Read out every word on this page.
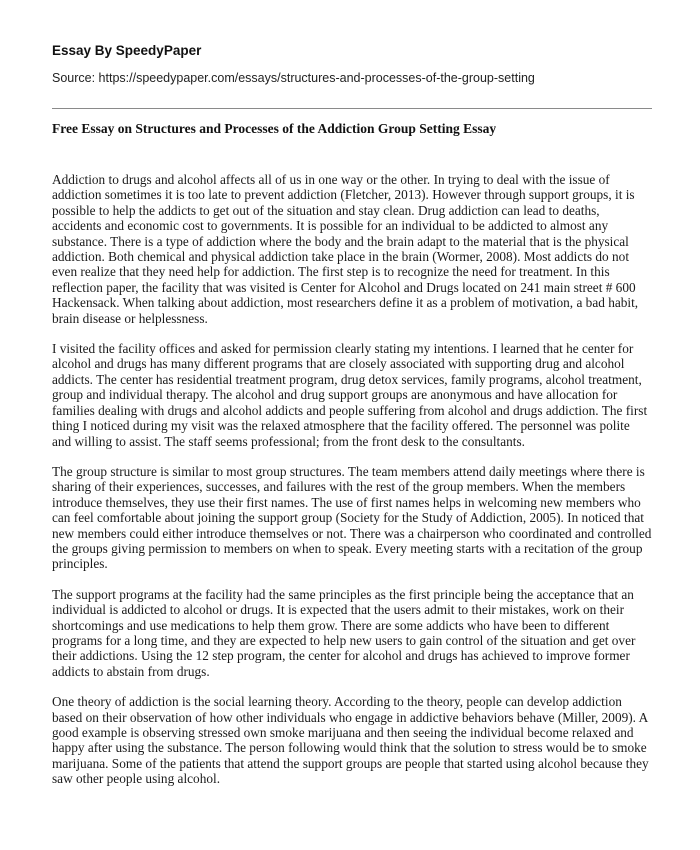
Essay By SpeedyPaper
Source: https://speedypaper.com/essays/structures-and-processes-of-the-group-setting
Free Essay on Structures and Processes of the Addiction Group Setting Essay

Addiction to drugs and alcohol affects all of us in one way or the other. In trying to deal with the issue of addiction sometimes it is too late to prevent addiction (Fletcher, 2013). However through support groups, it is possible to help the addicts to get out of the situation and stay clean. Drug addiction can lead to deaths, accidents and economic cost to governments. It is possible for an individual to be addicted to almost any substance. There is a type of addiction where the body and the brain adapt to the material that is the physical addiction. Both chemical and physical addiction take place in the brain (Wormer, 2008). Most addicts do not even realize that they need help for addiction. The first step is to recognize the need for treatment. In this reflection paper, the facility that was visited is Center for Alcohol and Drugs located on 241 main street # 600 Hackensack. When talking about addiction, most researchers define it as a problem of motivation, a bad habit, brain disease or helplessness.

I visited the facility offices and asked for permission clearly stating my intentions. I learned that he center for alcohol and drugs has many different programs that are closely associated with supporting drug and alcohol addicts. The center has residential treatment program, drug detox services, family programs, alcohol treatment, group and individual therapy. The alcohol and drug support groups are anonymous and have allocation for families dealing with drugs and alcohol addicts and people suffering from alcohol and drugs addiction. The first thing I noticed during my visit was the relaxed atmosphere that the facility offered. The personnel was polite and willing to assist. The staff seems professional; from the front desk to the consultants.

The group structure is similar to most group structures. The team members attend daily meetings where there is sharing of their experiences, successes, and failures with the rest of the group members. When the members introduce themselves, they use their first names. The use of first names helps in welcoming new members who can feel comfortable about joining the support group (Society for the Study of Addiction, 2005). In noticed that new members could either introduce themselves or not. There was a chairperson who coordinated and controlled the groups giving permission to members on when to speak. Every meeting starts with a recitation of the group principles.

The support programs at the facility had the same principles as the first principle being the acceptance that an individual is addicted to alcohol or drugs. It is expected that the users admit to their mistakes, work on their shortcomings and use medications to help them grow. There are some addicts who have been to different programs for a long time, and they are expected to help new users to gain control of the situation and get over their addictions. Using the 12 step program, the center for alcohol and drugs has achieved to improve former addicts to abstain from drugs.

One theory of addiction is the social learning theory. According to the theory, people can develop addiction based on their observation of how other individuals who engage in addictive behaviors behave (Miller, 2009). A good example is observing stressed own smoke marijuana and then seeing the individual become relaxed and happy after using the substance. The person following would think that the solution to stress would be to smoke marijuana. Some of the patients that attend the support groups are people that started using alcohol because they saw other people using alcohol.
